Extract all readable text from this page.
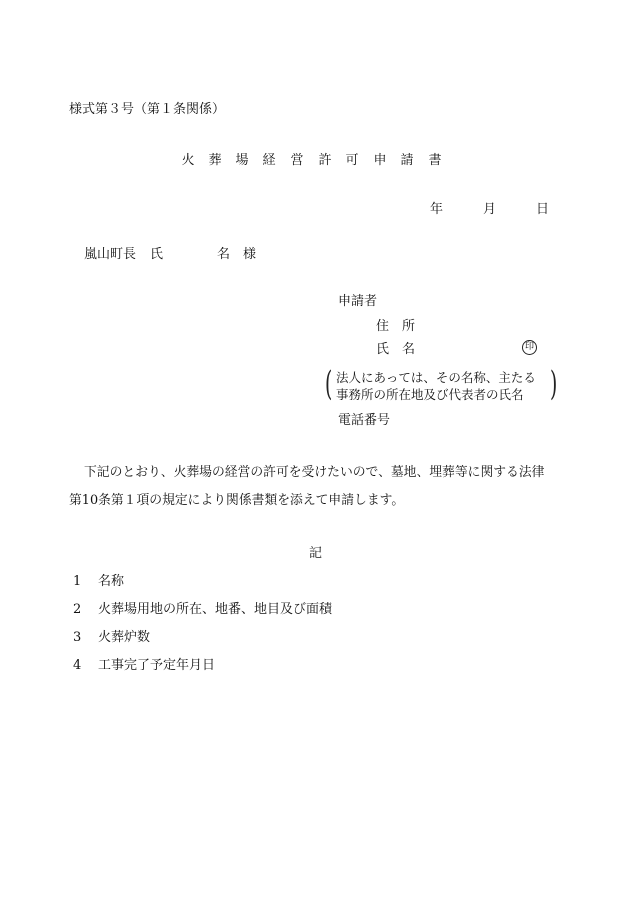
様式第３号（第１条関係）
火 葬 場 経 営 許 可 申 請 書
年	月	日
嵐山町長 氏	名 様
申請者
住　所
氏　名	印
( 法人にあっては、その名称、主たる
事務所の所在地及び代表者の氏名 )
電話番号
下記のとおり、火葬場の経営の許可を受けたいので、墓地、埋葬等に関する法律
第10条第１項の規定により関係書類を添えて申請します。
記
1 名称
2 火葬場用地の所在、地番、地目及び面積
3 火葬炉数
4 工事完了予定年月日
